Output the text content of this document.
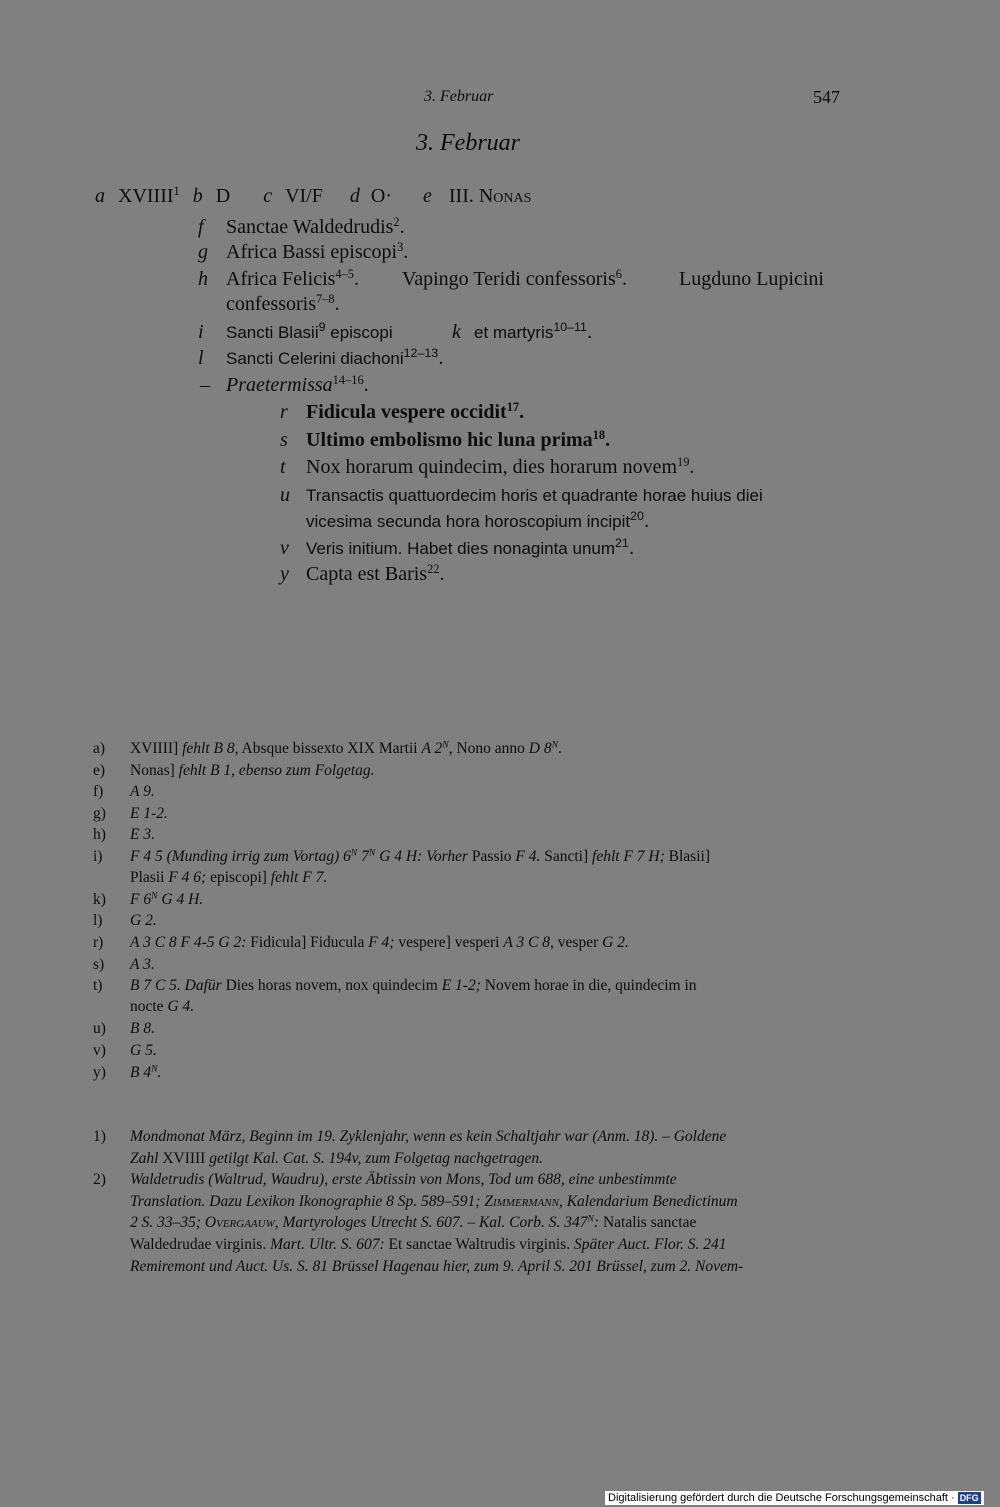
3. Februar	547
3. Februar
a XVIIII$^1$ b D c VI/F d O· e III. Nonas
f Sanctae Waldedrudis$^2$.
g Africa Bassi episcopi$^3$.
h Africa Felicis$^{4-5}$. Vapingo Teridi confessoris$^6$.	Lugduno Lupicini
confessoris$^{7-8}$.
i Sancti Blasii$^9$ episcopi	k et martyris$^{10-11}$.
l Sancti Celerini diachoni$^{12-13}$.
– Praetermissa$^{14-16}$.
r Fidicula vespere occidit$^{17}$.
s Ultimo embolismo hic luna prima$^{18}$.
t Nox horarum quindecim, dies horarum novem$^{19}$.
u Transactis quattuordecim horis et quadrante horae huius diei
vicesima secunda hora horoscopium incipit$^{20}$.
v Veris initium. Habet dies nonaginta unum$^{21}$.
y Capta est Baris$^{22}$.
a) XVIIII] fehlt B 8, Absque bissexto XIX Martii A $2^N$, Nono anno D $8^N$.
e) Nonas] fehlt B 1, ebenso zum Folgetag.
f) A 9.
g) E 1-2.
h) E 3.
i) F 4 5 (Munding irrig zum Vortag) $6^N$ $7^N$ G 4 H: Vorher Passio F 4. Sancti] fehlt F 7 H; Blasii]
Plasii F 4 6; episcopi] fehlt F 7.
k) F $6^N$ G 4 H.
l) G 2.
r) A 3 C 8 F 4-5 G 2: Fidicula] Fiducula F 4; vespere] vesperi A 3 C 8, vesper G 2.
s) A 3.
t) B 7 C 5. Dafür Dies horas novem, nox quindecim E 1-2; Novem horae in die, quindecim in
nocte G 4.
u) B 8.
v) G 5.
y) B $4^N$.
1) Mondmonat März, Beginn im 19. Zyklenjahr, wenn es kein Schaltjahr war (Anm. 18). – Goldene
Zahl XVIIII getilgt Kal. Cat. S. 194v, zum Folgetag nachgetragen.
2) Waldetrudis (Waltrud, Waudru), erste Äbtissin von Mons, Tod um 688, eine unbestimmte
Translation. Dazu Lexikon Ikonographie 8 Sp. 589–591; Zimmermann, Kalendarium Benedictinum
2 S. 33–35; Overgaauw, Martyrologes Utrecht S. 607. – Kal. Corb. S. $347^N$: Natalis sanctae
Waldedrudae virginis. Mart. Ultr. S. 607: Et sanctae Waltrudis virginis. Später Auct. Flor. S. 241
Remiremont und Auct. Us. S. 81 Brüssel Hagenau hier, zum 9. April S. 201 Brüssel, zum 2. Novem-
Digitalisierung gefördert durch die Deutsche Forschungsgemeinschaft · DFG
